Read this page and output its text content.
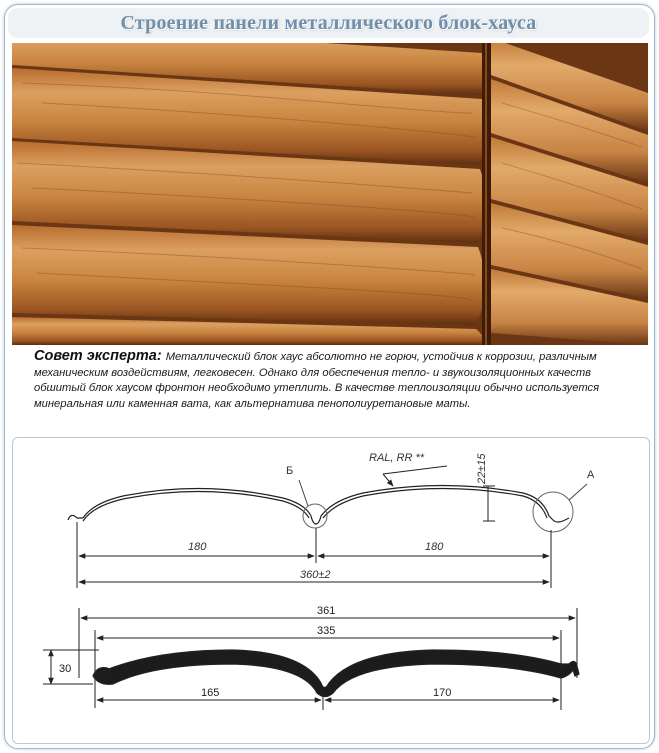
Строение панели металлического блок-хауса
Совет эксперта: Металлический блок хаус абсолютно не горюч, устойчив к коррозии, различным механическим воздействиям, легковесен. Однако для обеспечения тепло- и звукоизоляционных качеств обшитый блок хаусом фронтон необходимо утеплить. В качестве теплоизоляции обычно используется минеральная или каменная вата, как альтернатива пенополиуретановые маты.
RAL, RR **	22±15
Б	А
180	180
360±2
361
335
30
165	170
